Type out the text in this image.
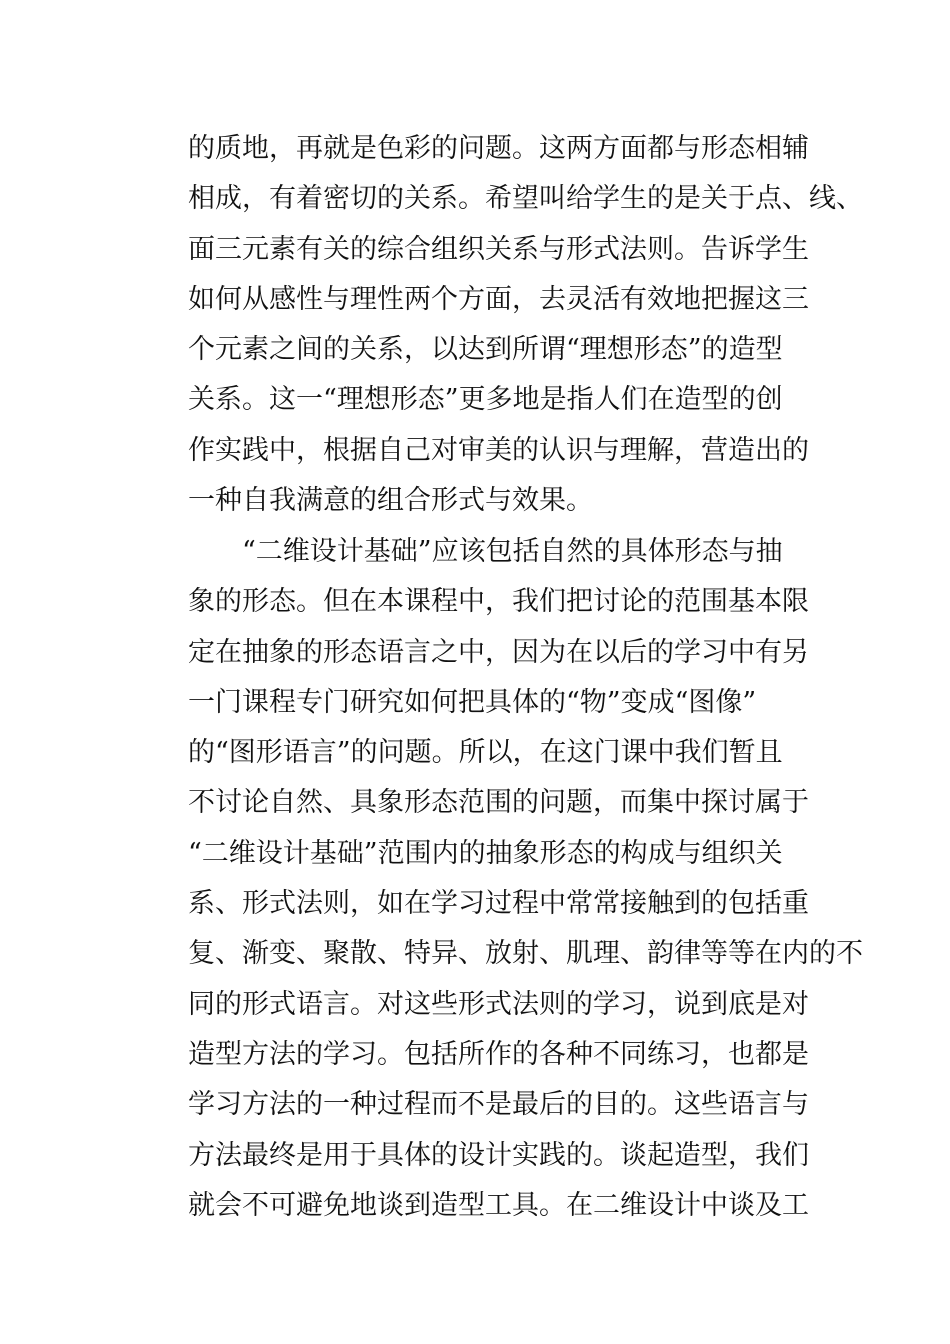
的质地，再就是色彩的问题。这两方面都与形态相辅
相成，有着密切的关系。希望叫给学生的是关于点、线、
面三元素有关的综合组织关系与形式法则。告诉学生
如何从感性与理性两个方面，去灵活有效地把握这三
个元素之间的关系，以达到所谓“理想形态”的造型
关系。这一“理想形态”更多地是指人们在造型的创
作实践中，根据自己对审美的认识与理解，营造出的
一种自我满意的组合形式与效果。
“二维设计基础”应该包括自然的具体形态与抽
象的形态。但在本课程中，我们把讨论的范围基本限
定在抽象的形态语言之中，因为在以后的学习中有另
一门课程专门研究如何把具体的“物”变成“图像”
的“图形语言”的问题。所以，在这门课中我们暂且
不讨论自然、具象形态范围的问题，而集中探讨属于
“二维设计基础”范围内的抽象形态的构成与组织关
系、形式法则，如在学习过程中常常接触到的包括重
复、渐变、聚散、特异、放射、肌理、韵律等等在内的不
同的形式语言。对这些形式法则的学习，说到底是对
造型方法的学习。包括所作的各种不同练习，也都是
学习方法的一种过程而不是最后的目的。这些语言与
方法最终是用于具体的设计实践的。谈起造型，我们
就会不可避免地谈到造型工具。在二维设计中谈及工
